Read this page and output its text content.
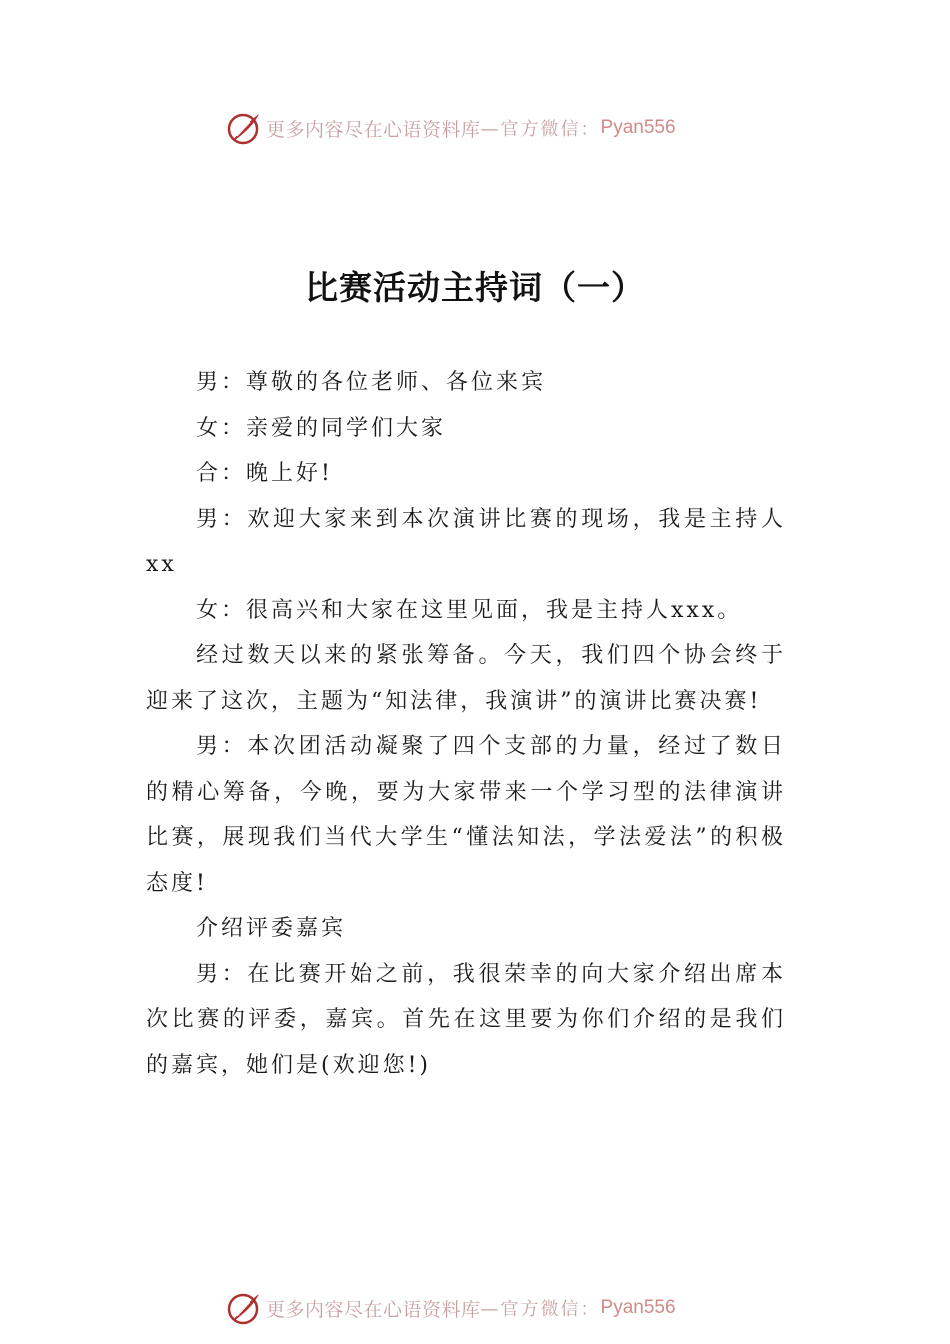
更多内容尽在心语资料库 —官方微信： Pyan556
比赛活动主持词（一）

男：尊敬的各位老师、各位来宾

女：亲爱的同学们大家

合：晚上好!

男：欢迎大家来到本次演讲比赛的现场，我是主持人xx

女：很高兴和大家在这里见面，我是主持人xxx。

经过数天以来的紧张筹备。今天，我们四个协会终于迎来了这次，主题为“知法律，我演讲”的演讲比赛决赛!

男：本次团活动凝聚了四个支部的力量，经过了数日的精心筹备，今晚，要为大家带来一个学习型的法律演讲比赛，展现我们当代大学生“懂法知法，学法爱法”的积极态度!

介绍评委嘉宾

男：在比赛开始之前，我很荣幸的向大家介绍出席本次比赛的评委，嘉宾。首先在这里要为你们介绍的是我们的嘉宾，她们是(欢迎您!)

更多内容尽在心语资料库 —官方微信： Pyan556
